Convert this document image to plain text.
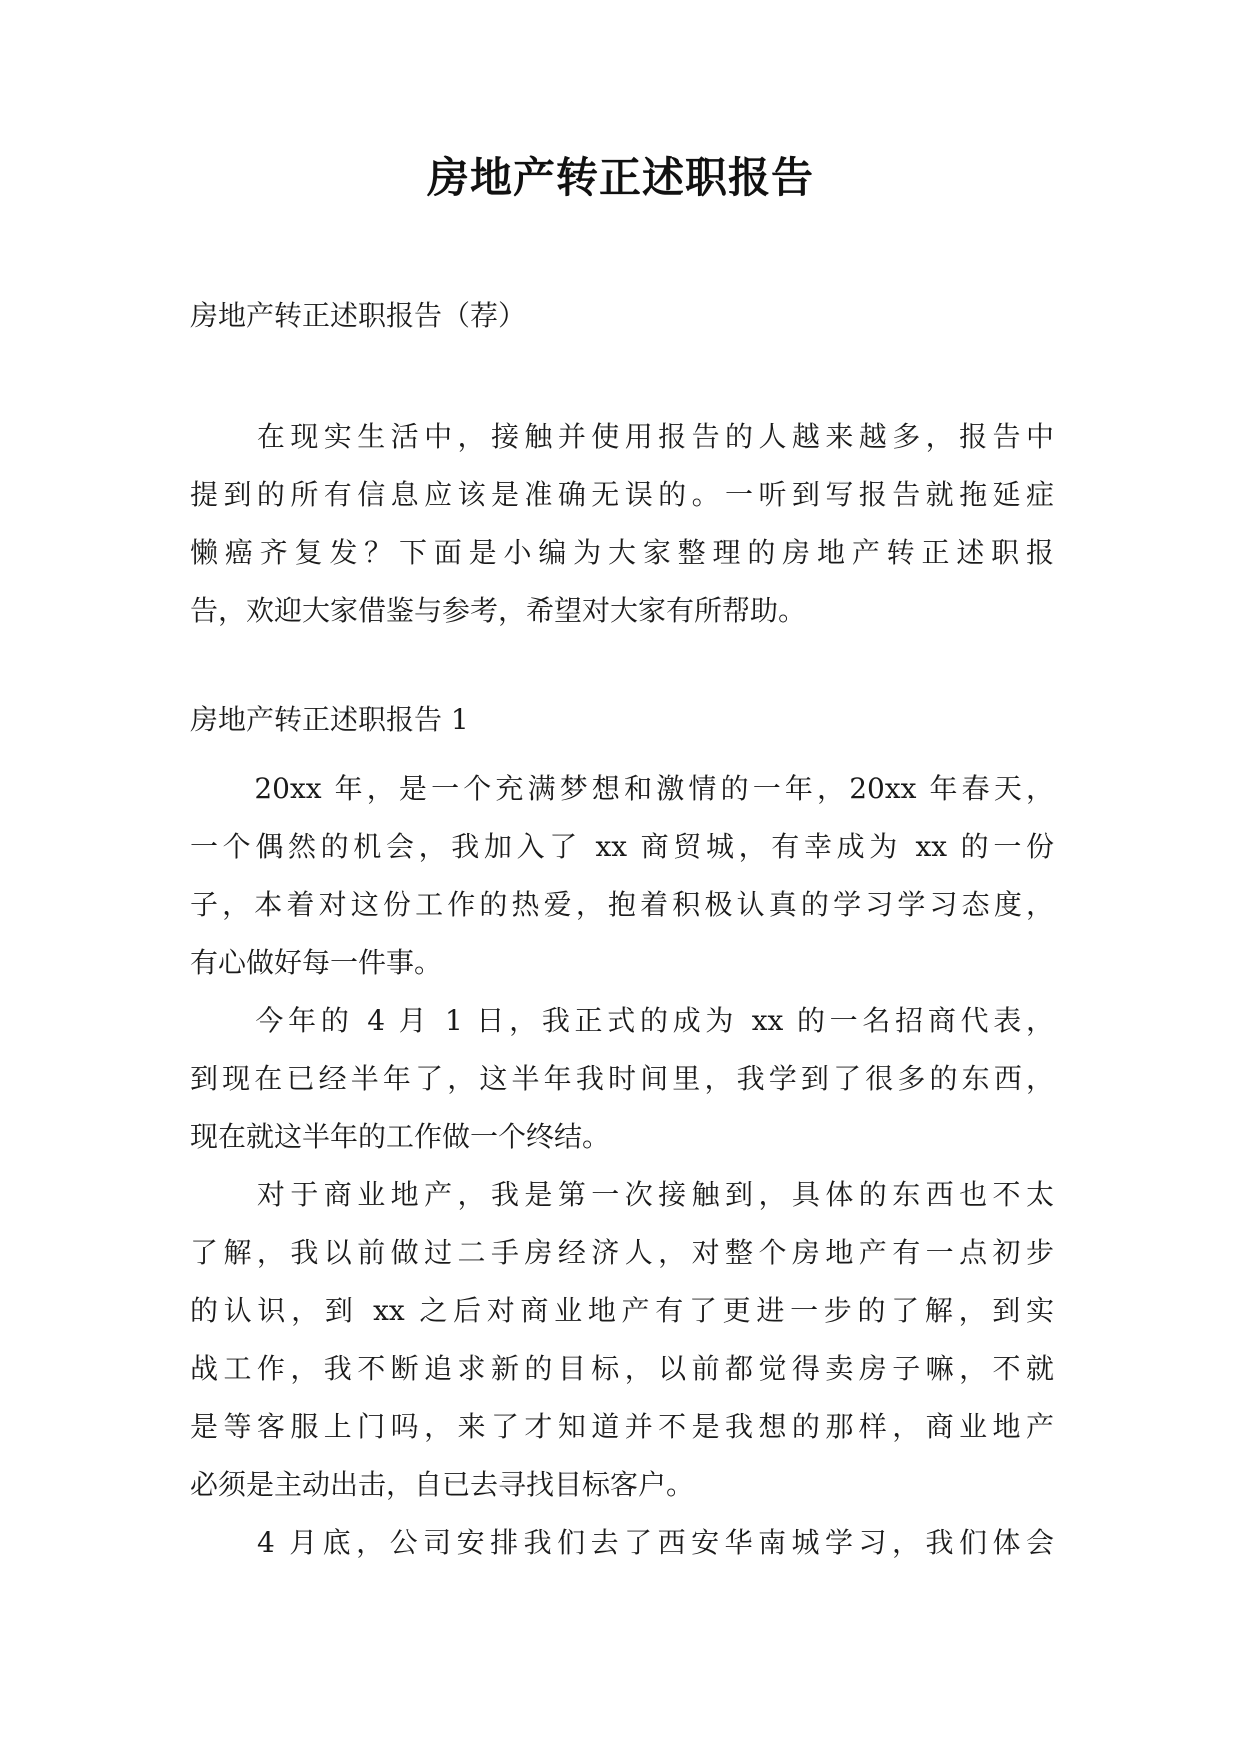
房地产转正述职报告

房地产转正述职报告（荐）

　　在现实生活中，接触并使用报告的人越来越多，报告中
提到的所有信息应该是准确无误的。一听到写报告就拖延症
懒癌齐复发？下面是小编为大家整理的房地产转正述职报
告，欢迎大家借鉴与参考，希望对大家有所帮助。

房地产转正述职报告 1

　　20xx 年，是一个充满梦想和激情的一年，20xx 年春天，
一个偶然的机会，我加入了 xx 商贸城，有幸成为 xx 的一份
子，本着对这份工作的热爱，抱着积极认真的学习学习态度，
有心做好每一件事。
　　今年的 4 月 1 日，我正式的成为 xx 的一名招商代表，
到现在已经半年了，这半年我时间里，我学到了很多的东西，
现在就这半年的工作做一个终结。
　　对于商业地产，我是第一次接触到，具体的东西也不太
了解，我以前做过二手房经济人，对整个房地产有一点初步
的认识，到 xx 之后对商业地产有了更进一步的了解，到实
战工作，我不断追求新的目标，以前都觉得卖房子嘛，不就
是等客服上门吗，来了才知道并不是我想的那样，商业地产
必须是主动出击，自已去寻找目标客户。
　　4 月底，公司安排我们去了西安华南城学习，我们体会
